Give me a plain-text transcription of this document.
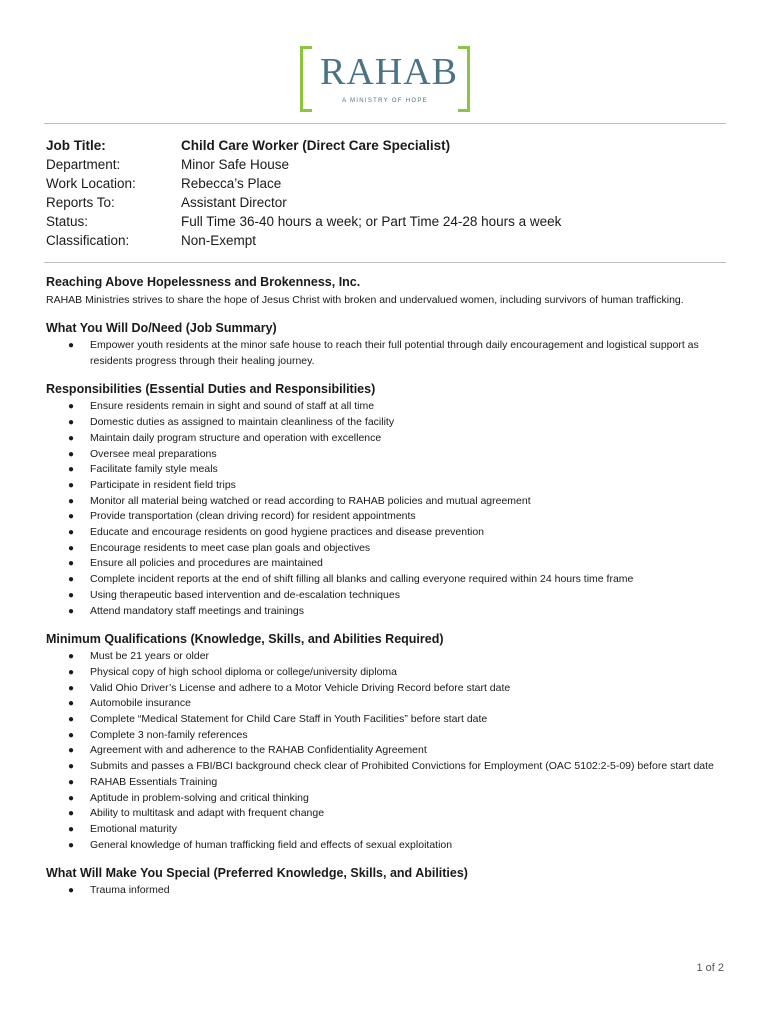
RAHAB
A MINISTRY OF HOPE
Job Title:	Child Care Worker (Direct Care Specialist)
Department:	Minor Safe House
Work Location:	Rebecca’s Place
Reports To:	Assistant Director
Status:	Full Time 36-40 hours a week; or Part Time 24-28 hours a week
Classification:	Non-Exempt

Reaching Above Hopelessness and Brokenness, Inc.

RAHAB Ministries strives to share the hope of Jesus Christ with broken and undervalued women, including survivors of human trafficking.

What You Will Do/Need (Job Summary)

● Empower youth residents at the minor safe house to reach their full potential through daily encouragement and logistical support as residents progress through their healing journey.

Responsibilities (Essential Duties and Responsibilities)

● Ensure residents remain in sight and sound of staff at all time
● Domestic duties as assigned to maintain cleanliness of the facility
● Maintain daily program structure and operation with excellence
● Oversee meal preparations
● Facilitate family style meals
● Participate in resident field trips
● Monitor all material being watched or read according to RAHAB policies and mutual agreement
● Provide transportation (clean driving record) for resident appointments
● Educate and encourage residents on good hygiene practices and disease prevention
● Encourage residents to meet case plan goals and objectives
● Ensure all policies and procedures are maintained
● Complete incident reports at the end of shift filling all blanks and calling everyone required within 24 hours time frame
● Using therapeutic based intervention and de-escalation techniques
● Attend mandatory staff meetings and trainings

Minimum Qualifications (Knowledge, Skills, and Abilities Required)

● Must be 21 years or older
● Physical copy of high school diploma or college/university diploma
● Valid Ohio Driver’s License and adhere to a Motor Vehicle Driving Record before start date
● Automobile insurance
● Complete “Medical Statement for Child Care Staff in Youth Facilities” before start date
● Complete 3 non-family references
● Agreement with and adherence to the RAHAB Confidentiality Agreement
● Submits and passes a FBI/BCI background check clear of Prohibited Convictions for Employment (OAC 5102:2-5-09) before start date
● RAHAB Essentials Training
● Aptitude in problem-solving and critical thinking
● Ability to multitask and adapt with frequent change
● Emotional maturity
● General knowledge of human trafficking field and effects of sexual exploitation

What Will Make You Special (Preferred Knowledge, Skills, and Abilities)

● Trauma informed
1 of 2
